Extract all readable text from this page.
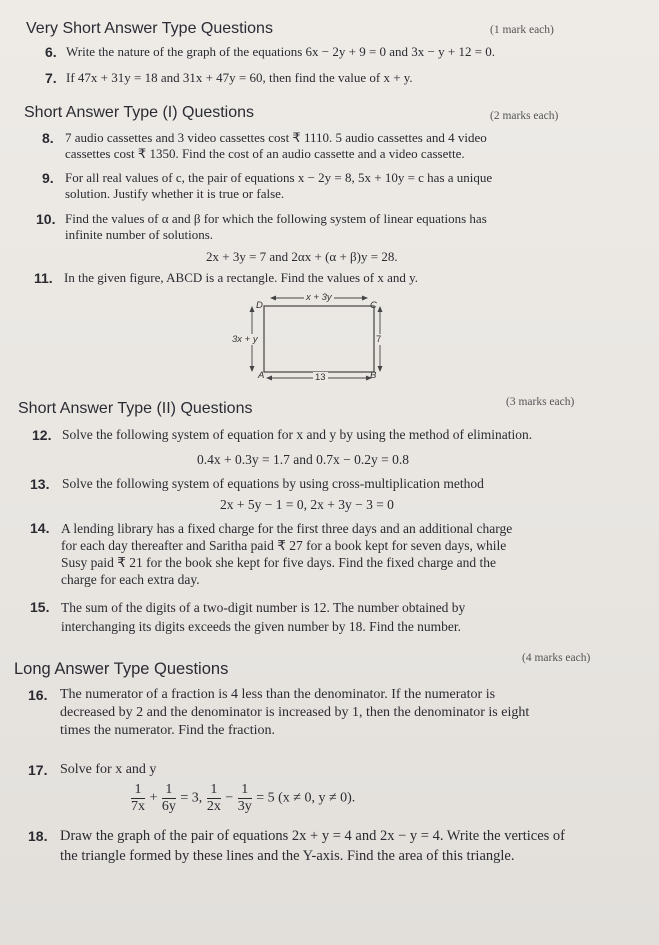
Very Short Answer Type Questions	(1 mark each)
6. Write the nature of the graph of the equations 6x − 2y + 9 = 0 and 3x − y + 12 = 0.
7. If 47x + 31y = 18 and 31x + 47y = 60, then find the value of x + y.
Short Answer Type (I) Questions	(2 marks each)
8. 7 audio cassettes and 3 video cassettes cost ₹ 1110. 5 audio cassettes and 4 video
cassettes cost ₹ 1350. Find the cost of an audio cassette and a video cassette.
9. For all real values of c, the pair of equations x − 2y = 8, 5x + 10y = c has a unique
solution. Justify whether it is true or false.
10. Find the values of α and β for which the following system of linear equations has
infinite number of solutions.
2x + 3y = 7 and 2αx + (α + β)y = 28.
11. In the given figure, ABCD is a rectangle. Find the values of x and y.
D	C
A	B
x + 3y
3x + y	7
13
Short Answer Type (II) Questions	(3 marks each)
12. Solve the following system of equation for x and y by using the method of elimination.
0.4x + 0.3y = 1.7 and 0.7x − 0.2y = 0.8
13. Solve the following system of equations by using cross-multiplication method
2x + 5y − 1 = 0, 2x + 3y − 3 = 0
14. A lending library has a fixed charge for the first three days and an additional charge
for each day thereafter and Saritha paid ₹ 27 for a book kept for seven days, while
Susy paid ₹ 21 for the book she kept for five days. Find the fixed charge and the
charge for each extra day.
15. The sum of the digits of a two-digit number is 12. The number obtained by
interchanging its digits exceeds the given number by 18. Find the number.
Long Answer Type Questions
(4 marks each)
16. The numerator of a fraction is 4 less than the denominator. If the numerator is
decreased by 2 and the denominator is increased by 1, then the denominator is eight
times the numerator. Find the fraction.
17. Solve for x and y
$\frac{1}{7x} + \frac{1}{6y} = 3$, $\frac{1}{2x} - \frac{1}{3y} = 5$ (x ≠ 0, y ≠ 0).
18. Draw the graph of the pair of equations 2x + y = 4 and 2x − y = 4. Write the vertices of
the triangle formed by these lines and the Y-axis. Find the area of this triangle.
